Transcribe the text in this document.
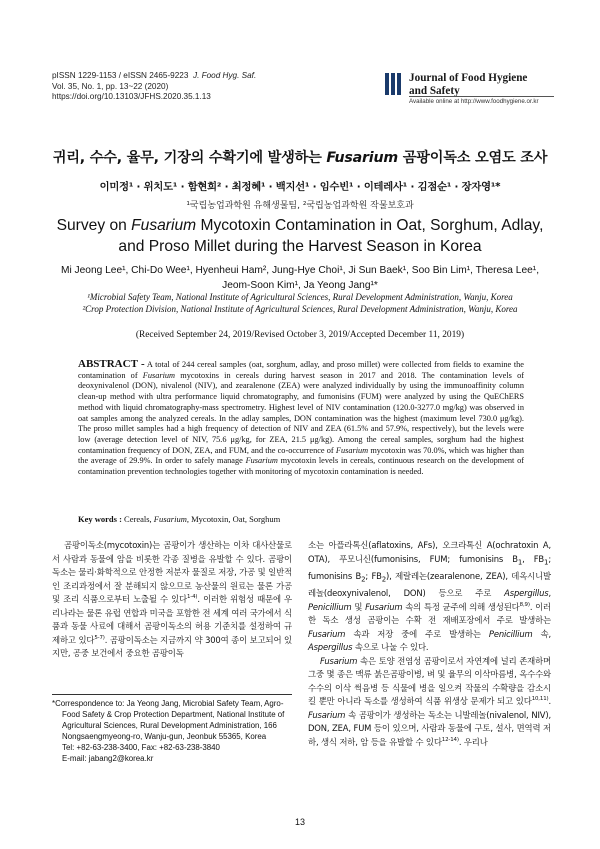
pISSN 1229-1153 / eISSN 2465-9223 J. Food Hyg. Saf.
Vol. 35, No. 1, pp. 13~22 (2020)
https://doi.org/10.13103/JFHS.2020.35.1.13
Journal of Food Hygiene
and Safety
Available online at http://www.foodhygiene.or.kr
귀리, 수수, 율무, 기장의 수확기에 발생하는 Fusarium 곰팡이독소 오염도 조사
이미정¹ · 위치도¹ · 함현희² · 최정혜¹ · 백지선¹ · 임수빈¹ · 이테레사¹ · 김점순¹ · 장자영¹*
¹국립농업과학원 유해생물팀, ²국립농업과학원 작물보호과
Survey on Fusarium Mycotoxin Contamination in Oat, Sorghum, Adlay,
and Proso Millet during the Harvest Season in Korea
Mi Jeong Lee¹, Chi-Do Wee¹, Hyenheui Ham², Jung-Hye Choi¹, Ji Sun Baek¹, Soo Bin Lim¹, Theresa Lee¹,
Jeom-Soon Kim¹, Ja Yeong Jang¹*
¹Microbial Safety Team, National Institute of Agricultural Sciences, Rural Development Administration, Wanju, Korea
²Crop Protection Division, National Institute of Agricultural Sciences, Rural Development Administration, Wanju, Korea
(Received September 24, 2019/Revised October 3, 2019/Accepted December 11, 2019)
ABSTRACT - A total of 244 cereal samples (oat, sorghum, adlay, and proso millet) were collected from fields to examine the contamination of Fusarium mycotoxins in cereals during harvest season in 2017 and 2018. The contamination levels of deoxynivalenol (DON), nivalenol (NIV), and zearalenone (ZEA) were analyzed individually by using the immunoaffinity column clean-up method with ultra performance liquid chromatography, and fumonisins (FUM) were analyzed by using the QuEChERS method with liquid chromatography-mass spectrometry. Highest level of NIV contamination (120.0-3277.0 mg/kg) was observed in oat samples among the analyzed cereals. In the adlay samples, DON contamination was the highest (maximum level 730.0 μg/kg). The proso millet samples had a high frequency of detection of NIV and ZEA (61.5% and 57.9%, respectively), but the levels were low (average detection level of NIV, 75.6 μg/kg, for ZEA, 21.5 μg/kg). Among the cereal samples, sorghum had the highest contamination frequency of DON, ZEA, and FUM, and the co-occurrence of Fusarium mycotoxin was 70.0%, which was higher than the average of 29.9%. In order to safely manage Fusarium mycotoxin levels in cereals, continuous research on the development of contamination prevention technologies together with monitoring of mycotoxin contamination is needed.
Key words : Cereals, Fusarium, Mycotoxin, Oat, Sorghum

곰팡이독소(mycotoxin)는 곰팡이가 생산하는 이차 대사산물로서 사람과 동물에 암을 비롯한 각종 질병을 유발할 수 있다. 곰팡이독소는 물리·화학적으로 안정한 저분자 물질로 저장, 가공 및 일반적인 조리과정에서 잘 분해되지 않으므로 농산물의 원료는 물론 가공 및 조리 식품으로부터 노출될 수 있다$^{1-4)}$. 이러한 위험성 때문에 우리나라는 물론 유럽 연합과 미국을 포함한 전 세계 여러 국가에서 식품과 동물 사료에 대해서 곰팡이독소의 허용 기준치를 설정하여 규제하고 있다$^{5-7)}$. 곰팡이독소는 지금까지 약 300여 종이 보고되어 있지만, 공중 보건에서 중요한 곰팡이독

소는 아플라톡신(aflatoxins, AFs), 오크라톡신 A(ochratoxin A, OTA), 푸모니신(fumonisins, FUM; fumonisins $B_1$, $FB_1$; fumonisins $B_2$; $FB_2$), 제랄레논(zearalenone, ZEA), 데옥시니발레놀(deoxynivalenol, DON) 등으로 주로 Aspergillus, Penicillium 및 Fusarium 속의 특정 균주에 의해 생성된다$^{8,9)}$. 이러한 독소 생성 곰팡이는 수확 전 재배포장에서 주로 발생하는 Fusarium 속과 저장 중에 주로 발생하는 Penicillium 속, Aspergillus 속으로 나눌 수 있다.

Fusarium 속은 토양 전염성 곰팡이로서 자연계에 널리 존재하며 그중 몇 종은 맥류 붉은곰팡이병, 벼 및 율무의 이삭마름병, 옥수수와 수수의 이삭 썩음병 등 식물에 병을 일으켜 작물의 수확량을 감소시킬 뿐만 아니라 독소를 생성하여 식품 위생상 문제가 되고 있다$^{10,11)}$. Fusarium 속 곰팡이가 생성하는 독소는 니발레놀(nivalenol, NIV), DON, ZEA, FUM 등이 있으며, 사람과 동물에 구토, 설사, 면역력 저하, 생식 저하, 암 등을 유발할 수 있다$^{12-14)}$. 우리나

*Correspondence to: Ja Yeong Jang, Microbial Safety Team, Agro-
Food Safety & Crop Protection Department, National Institute of
Agricultural Sciences, Rural Development Administration, 166
Nongsaengmyeong-ro, Wanju-gun, Jeonbuk 55365, Korea
Tel: +82-63-238-3400, Fax: +82-63-238-3840
E-mail: jabang2@korea.kr
13
